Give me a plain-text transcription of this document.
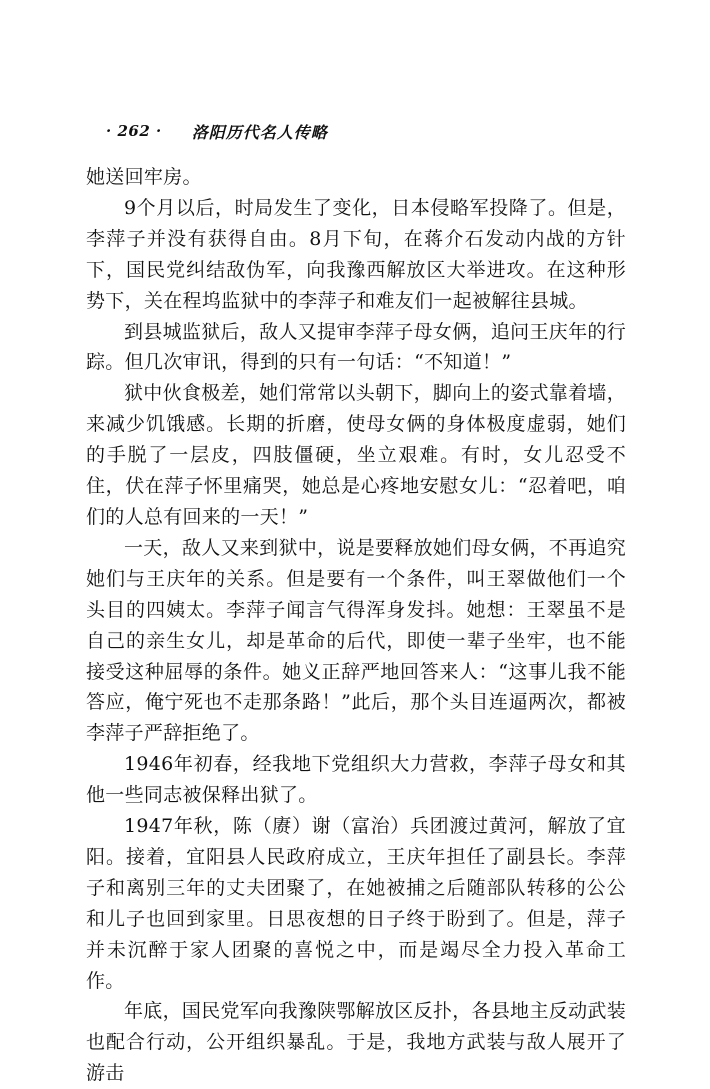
· 262 · 洛阳历代名人传略

她送回牢房。

9个月以后，时局发生了变化，日本侵略军投降了。但是，李萍子并没有获得自由。8月下旬，在蒋介石发动内战的方针下，国民党纠结敌伪军，向我豫西解放区大举进攻。在这种形势下，关在程坞监狱中的李萍子和难友们一起被解往县城。

到县城监狱后，敌人又提审李萍子母女俩，追问王庆年的行踪。但几次审讯，得到的只有一句话：“不知道！”

狱中伙食极差，她们常常以头朝下，脚向上的姿式靠着墙，来减少饥饿感。长期的折磨，使母女俩的身体极度虚弱，她们的手脱了一层皮，四肢僵硬，坐立艰难。有时，女儿忍受不住，伏在萍子怀里痛哭，她总是心疼地安慰女儿：“忍着吧，咱们的人总有回来的一天！”

一天，敌人又来到狱中，说是要释放她们母女俩，不再追究她们与王庆年的关系。但是要有一个条件，叫王翠做他们一个头目的四姨太。李萍子闻言气得浑身发抖。她想：王翠虽不是自己的亲生女儿，却是革命的后代，即使一辈子坐牢，也不能接受这种屈辱的条件。她义正辞严地回答来人：“这事儿我不能答应，俺宁死也不走那条路！”此后，那个头目连逼两次，都被李萍子严辞拒绝了。

1946年初春，经我地下党组织大力营救，李萍子母女和其他一些同志被保释出狱了。

1947年秋，陈（赓）谢（富治）兵团渡过黄河，解放了宜阳。接着，宜阳县人民政府成立，王庆年担任了副县长。李萍子和离别三年的丈夫团聚了，在她被捕之后随部队转移的公公和儿子也回到家里。日思夜想的日子终于盼到了。但是，萍子并未沉醉于家人团聚的喜悦之中，而是竭尽全力投入革命工作。

年底，国民党军向我豫陕鄂解放区反扑，各县地主反动武装也配合行动，公开组织暴乱。于是，我地方武装与敌人展开了游击
